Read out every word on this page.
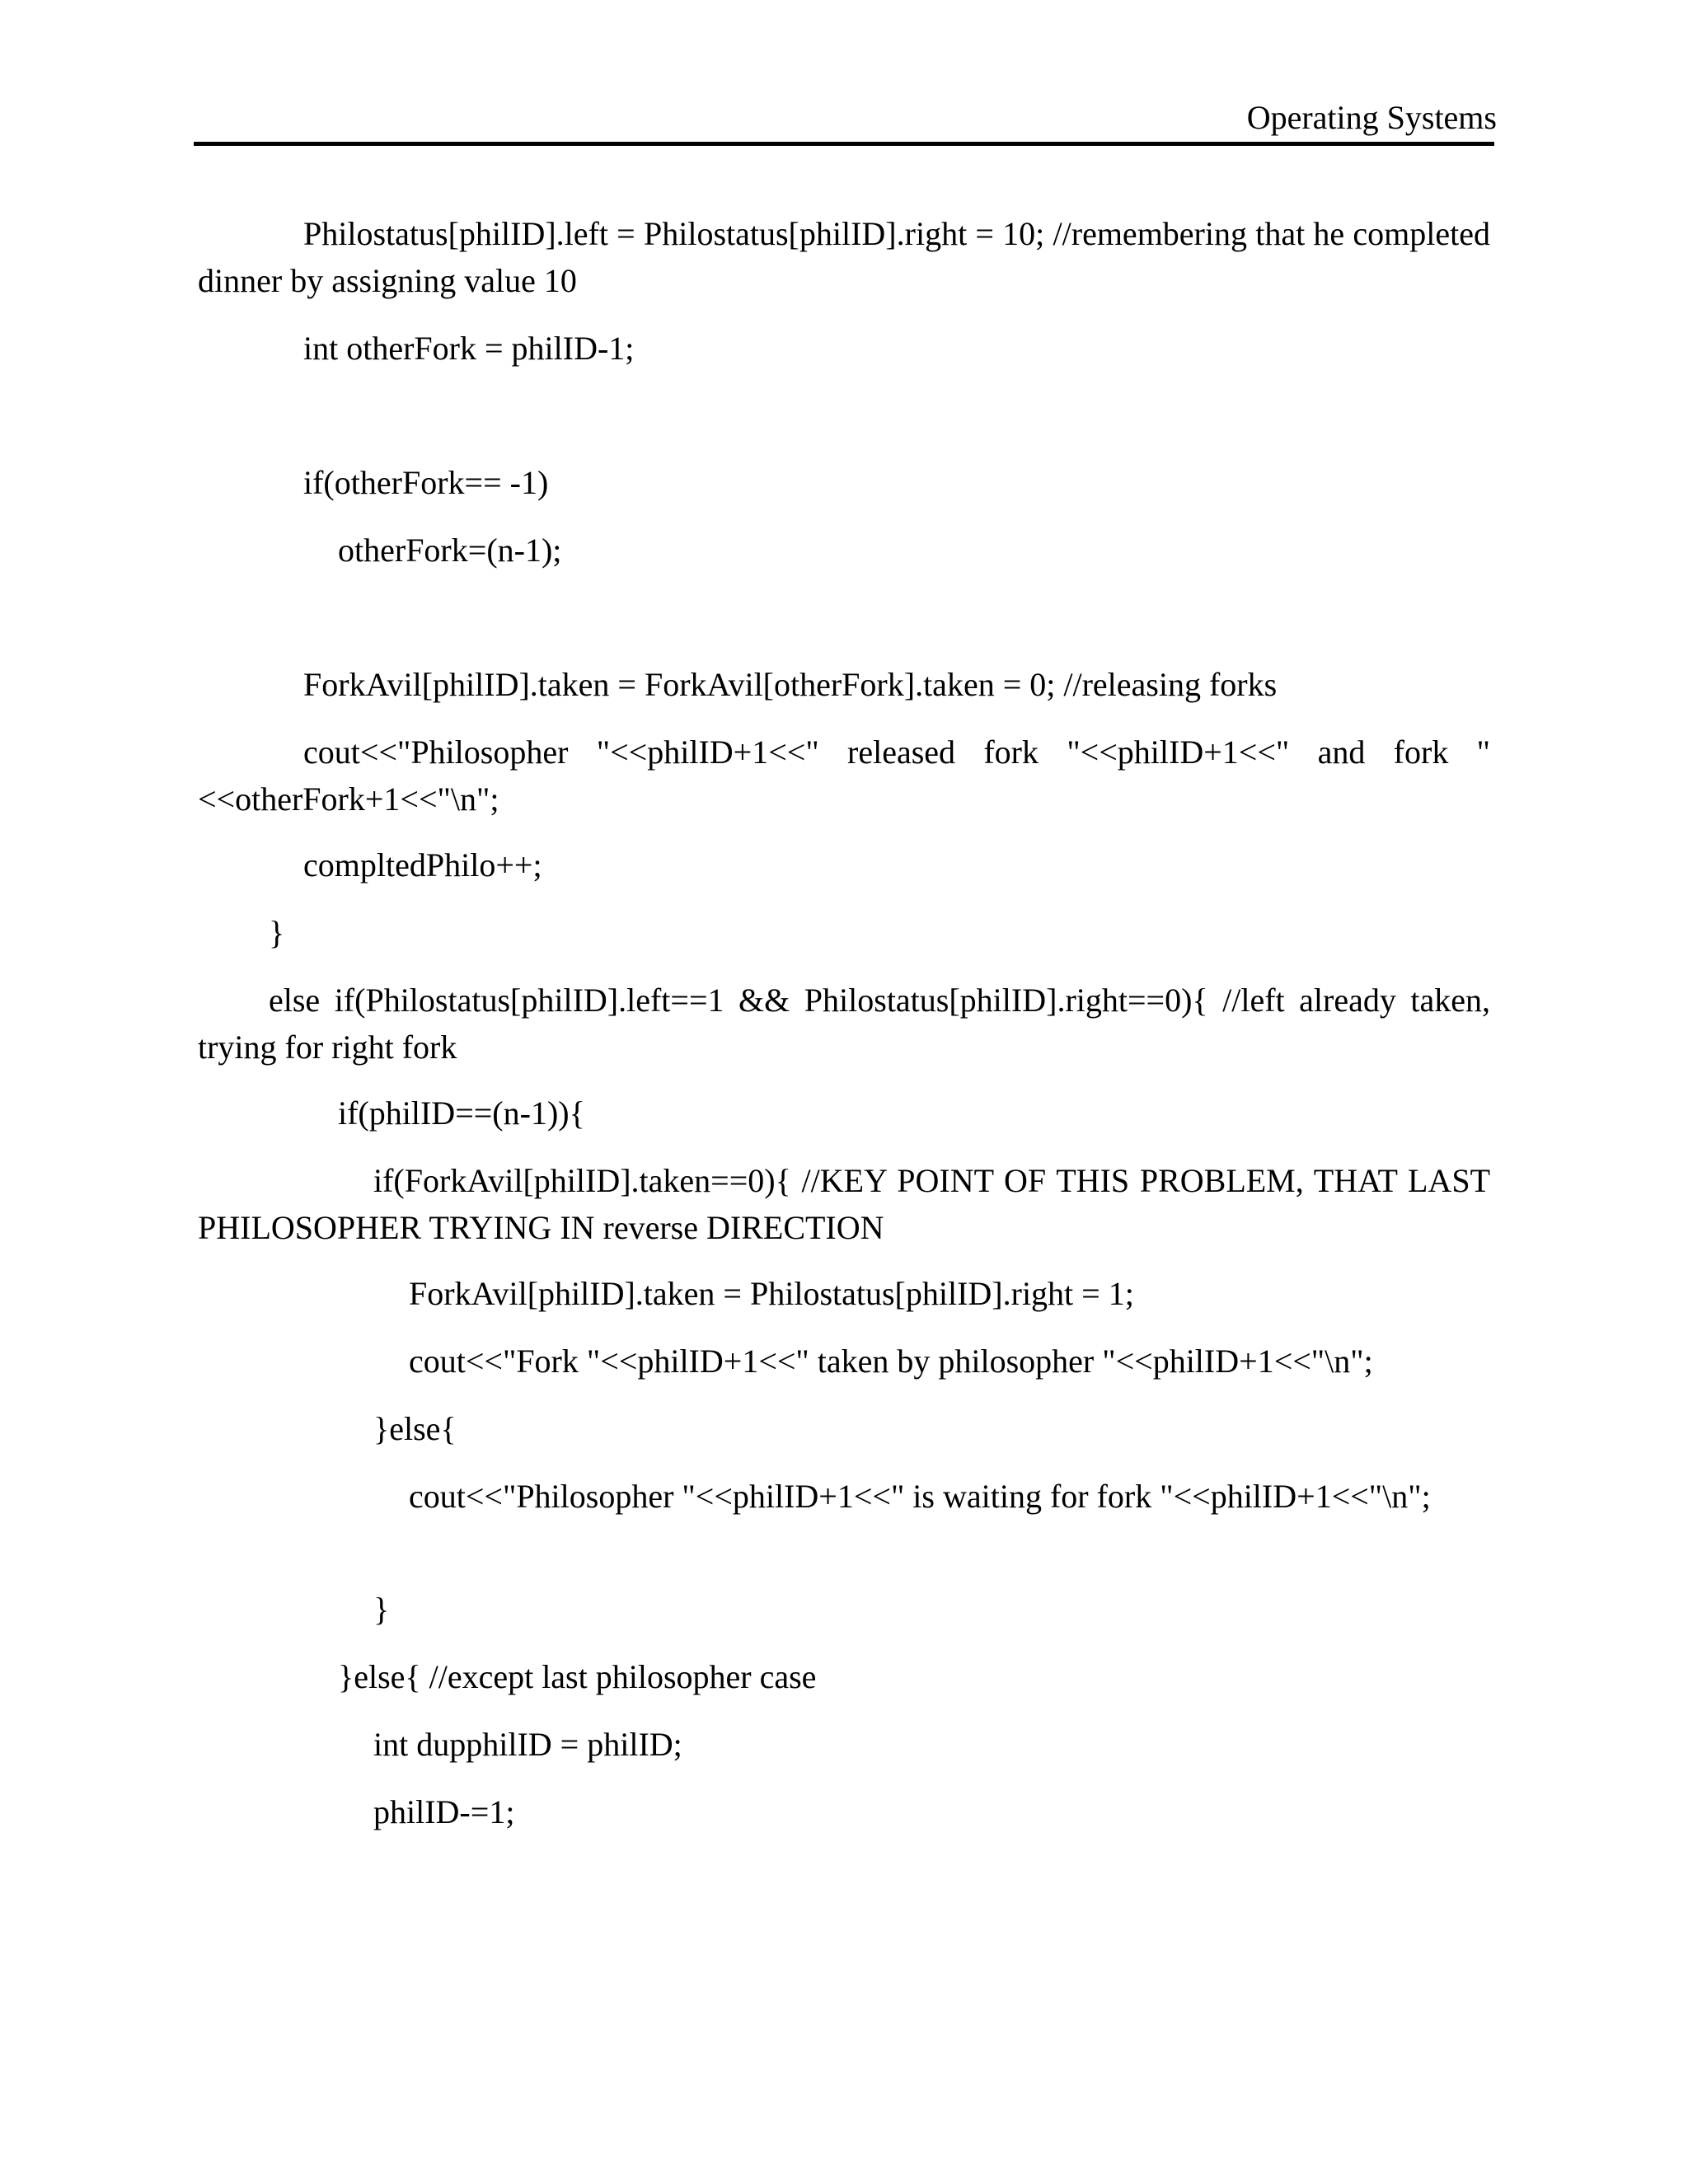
Operating Systems
Philostatus[philID].left = Philostatus[philID].right = 10; //remembering that he completed dinner by assigning value 10
int otherFork = philID-1;
if(otherFork== -1)
otherFork=(n-1);
ForkAvil[philID].taken = ForkAvil[otherFork].taken = 0; //releasing forks
cout<<"Philosopher "<<philID+1<<" released fork "<<philID+1<<" and fork "<<otherFork+1<<"\n";
compltedPhilo++;
}
else if(Philostatus[philID].left==1 && Philostatus[philID].right==0){ //left already taken, trying for right fork
if(philID==(n-1)){
if(ForkAvil[philID].taken==0){ //KEY POINT OF THIS PROBLEM, THAT LAST PHILOSOPHER TRYING IN reverse DIRECTION
ForkAvil[philID].taken = Philostatus[philID].right = 1;
cout<<"Fork "<<philID+1<<" taken by philosopher "<<philID+1<<"\n";
}else{
cout<<"Philosopher "<<philID+1<<" is waiting for fork "<<philID+1<<"\n";
}
}else{ //except last philosopher case
int dupphilID = philID;
philID-=1;
